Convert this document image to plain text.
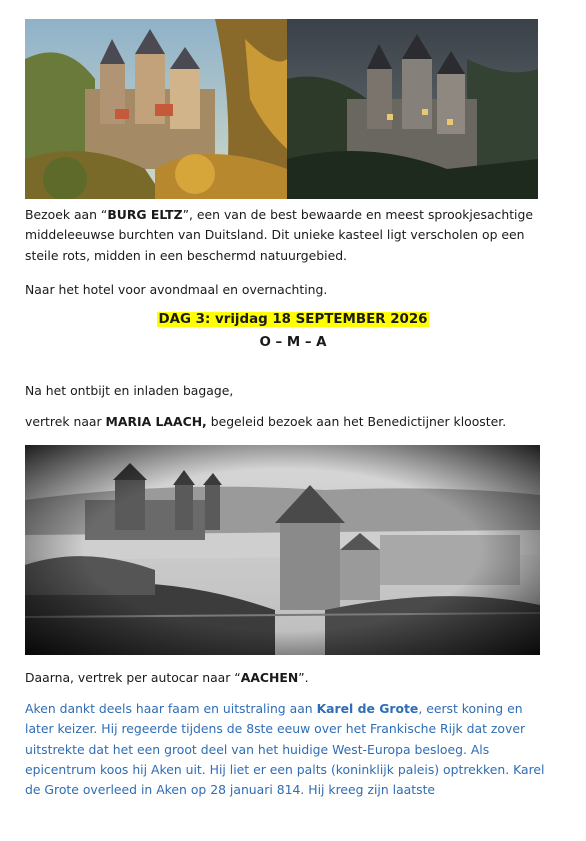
Bezoek aan “BURG ELTZ”, een van de best bewaarde en meest sprookjesachtige middeleeuwse burchten van Duitsland. Dit unieke kasteel ligt verscholen op een steile rots, midden in een beschermd natuurgebied.

Naar het hotel voor avondmaal en overnachting.

DAG 3: vrijdag 18 SEPTEMBER 2026

O – M – A

Na het ontbijt en inladen bagage,

vertrek naar MARIA LAACH, begeleid bezoek aan het Benedictijner klooster.

Daarna, vertrek per autocar naar “AACHEN”.

Aken dankt deels haar faam en uitstraling aan Karel de Grote, eerst koning en later keizer. Hij regeerde tijdens de 8ste eeuw over het Frankische Rijk dat zover uitstrekte dat het een groot deel van het huidige West-Europa besloeg. Als epicentrum koos hij Aken uit. Hij liet er een palts (koninklijk paleis) optrekken. Karel de Grote overleed in Aken op 28 januari 814. Hij kreeg zijn laatste
